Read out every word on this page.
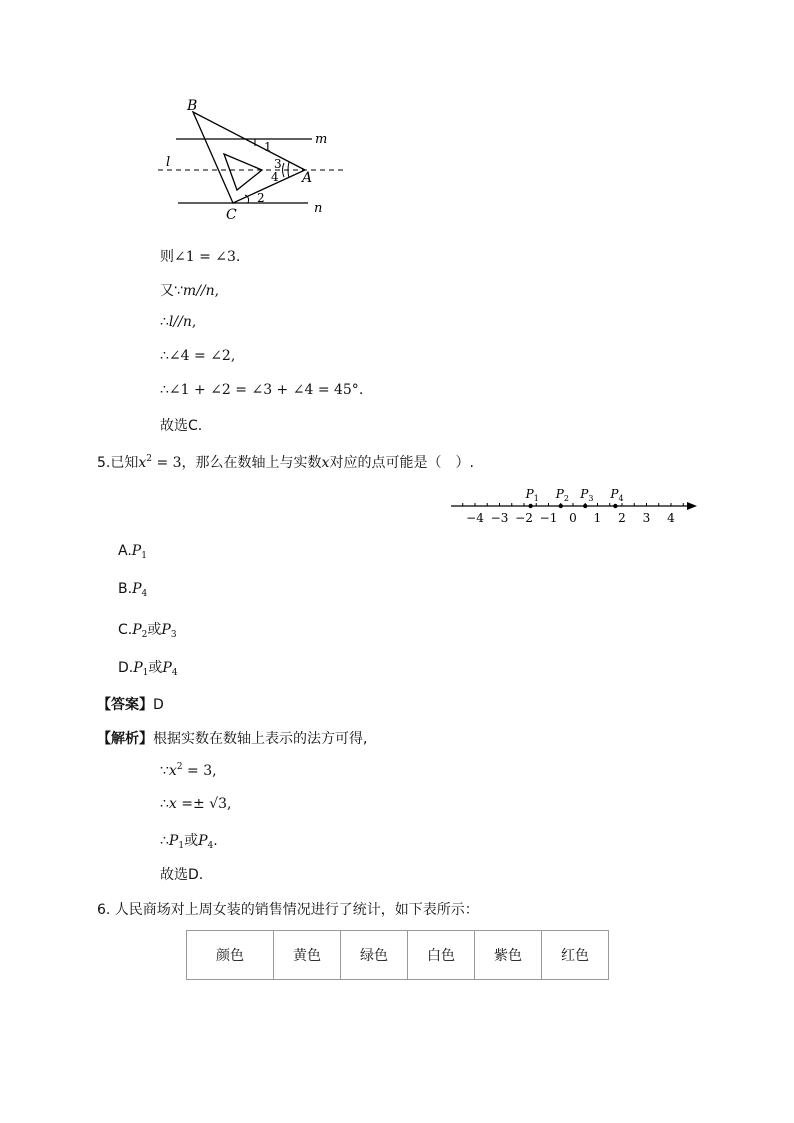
B
C
A
m
l
n
1
2
3
4
则∠1 = ∠3.
又∵m//n,
∴l//n,
∴∠4 = ∠2,
∴∠1 + ∠2 = ∠3 + ∠4 = 45°.
故选C.
5.已知$x^2 = 3$，那么在数轴上与实数x对应的点可能是（　）.
−4 −3 −2 −1 0 1 2 3 4
$P_1$ $P_2$ $P_3$ $P_4$
$A.P_1$
$B.P_4$
$C.P_2$或$P_3$
$D.P_1$或$P_4$
【答案】D
【解析】根据实数在数轴上表示的法方可得,
$\because x^2 = 3$,
∴x =± √3,
$\therefore P_1$或$P_4$.
故选D.
6. 人民商场对上周女装的销售情况进行了统计，如下表所示：
颜色	黄色	绿色	白色	紫色	红色
